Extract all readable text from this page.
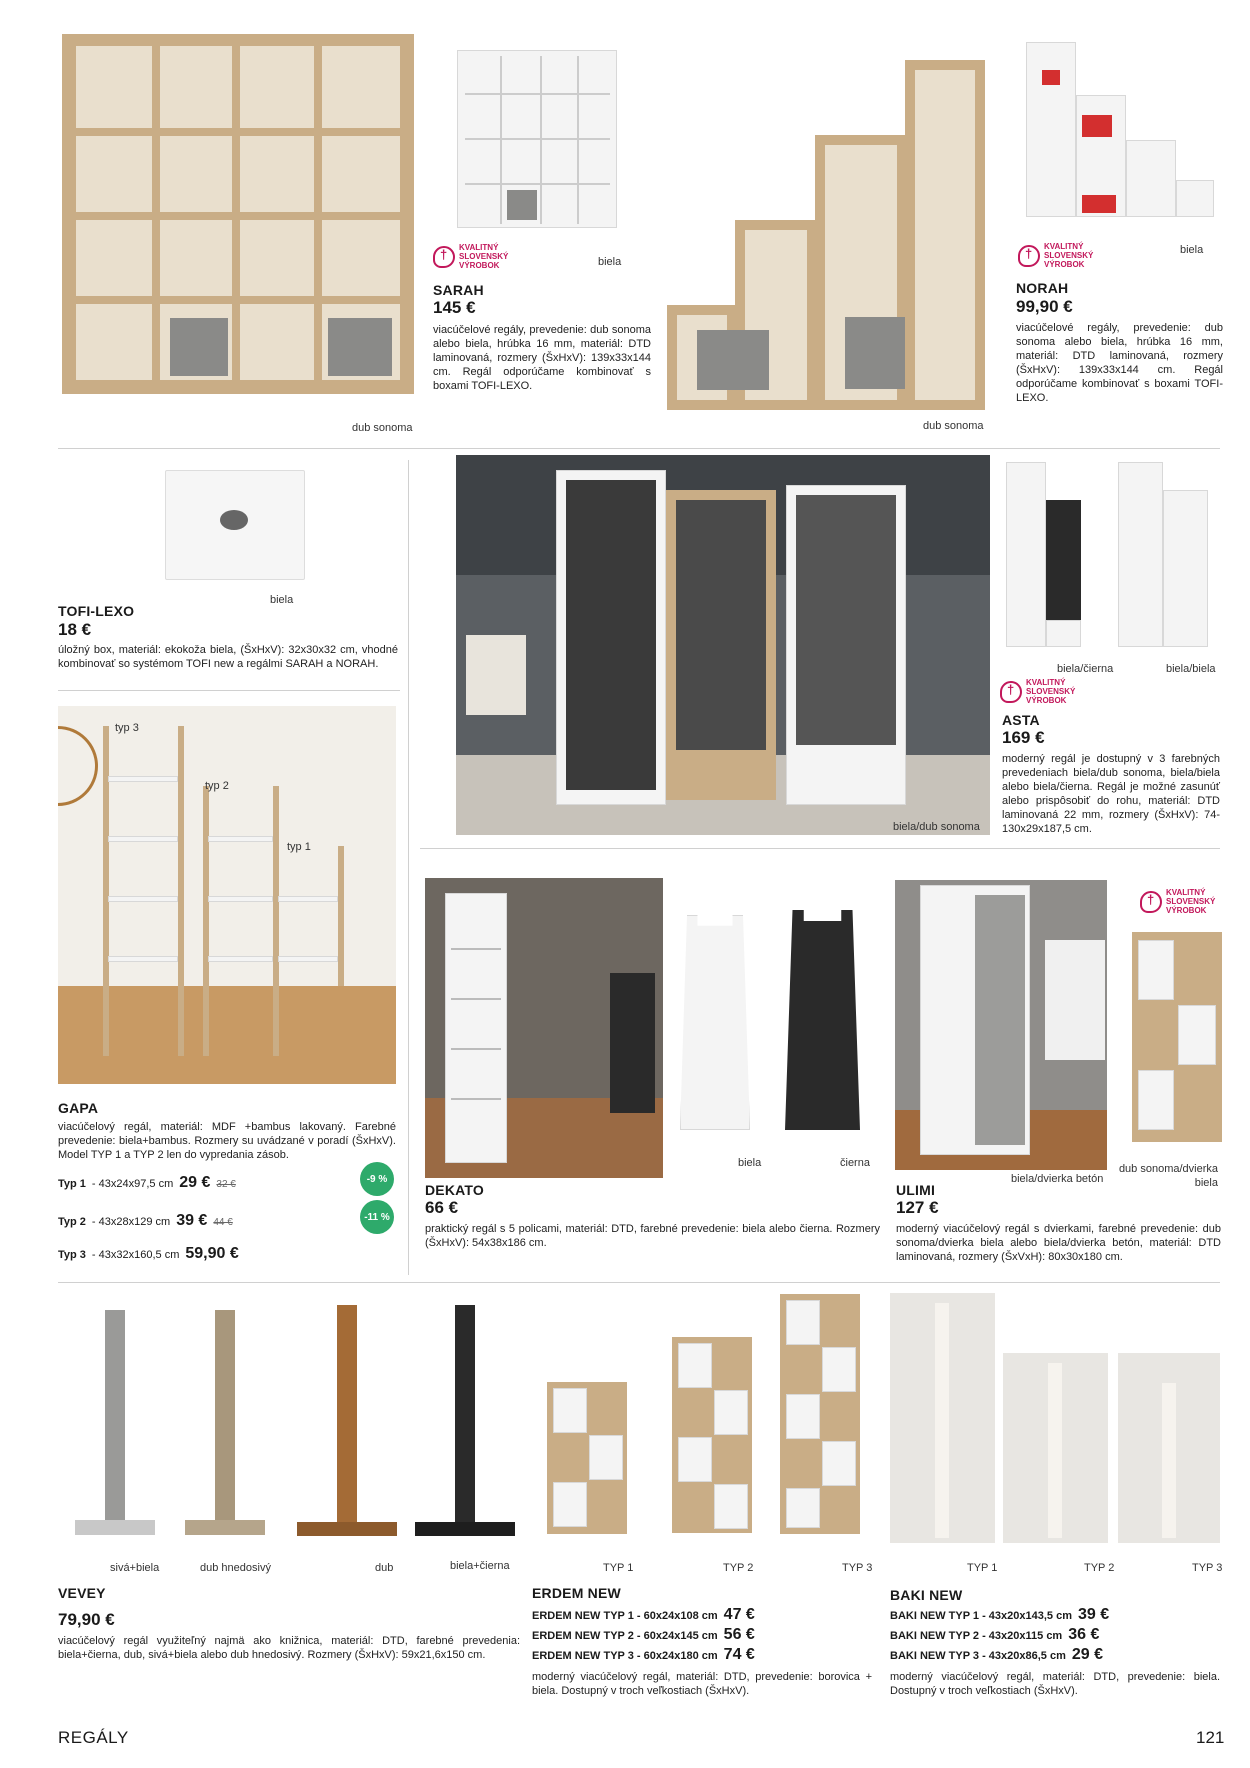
biela
dub sonoma
†
KVALITNÝ
SLOVENSKÝ
VÝROBOK
SARAH
145 €
viacúčelové regály, prevedenie: dub sonoma alebo biela, hrúbka 16 mm, materiál: DTD laminovaná, rozmery (ŠxHxV): 139x33x144 cm. Regál odporúčame kombinovať s boxami TOFI-LEXO.
biela
dub sonoma
†
KVALITNÝ
SLOVENSKÝ
VÝROBOK
NORAH
99,90 €
viacúčelové regály, prevedenie: dub sonoma alebo biela, hrúbka 16 mm, materiál: DTD laminovaná, rozmery (ŠxHxV): 139x33x144 cm. Regál odporúčame kombinovať s boxami TOFI-LEXO.
biela
TOFI-LEXO
18 €
úložný box, materiál: ekokoža biela, (ŠxHxV): 32x30x32 cm, vhodné kombinovať so systémom TOFI new a regálmi SARAH a NORAH.
biela/dub sonoma
biela/čierna	biela/biela
†
KVALITNÝ
SLOVENSKÝ
VÝROBOK
ASTA
169 €
moderný regál je dostupný v 3 farebných prevedeniach biela/dub sonoma, biela/biela alebo biela/čierna. Regál je možné zasunúť alebo prispôsobiť do rohu, materiál: DTD laminovaná 22 mm, rozmery (ŠxHxV): 74-130x29x187,5 cm.
typ 3
typ 2
typ 1
GAPA
viacúčelový regál, materiál: MDF +bambus lakovaný. Farebné prevedenie: biela+bambus. Rozmery su uvádzané v poradí (ŠxHxV). Model TYP 1 a TYP 2 len do vypredania zásob.
Typ 1 - 43x24x97,5 cm 29 € 32 €	-9 %
Typ 2 - 43x28x129 cm 39 € 44 €	-11 %
Typ 3 - 43x32x160,5 cm 59,90 €
biela	čierna
DEKATO
66 €
praktický regál s 5 policami, materiál: DTD, farebné prevedenie: biela alebo čierna. Rozmery (ŠxHxV): 54x38x186 cm.
†
KVALITNÝ
SLOVENSKÝ
VÝROBOK
biela/dvierka betón
dub sonoma/dvierka biela
ULIMI
127 €
moderný viacúčelový regál s dvierkami, farebné prevedenie: dub sonoma/dvierka biela alebo biela/dvierka betón, materiál: DTD laminovaná, rozmery (ŠxVxH): 80x30x180 cm.
sivá+biela	dub hnedosivý	dub	biela+čierna
VEVEY
79,90 €
viacúčelový regál využiteľný najmä ako knižnica, materiál: DTD, farebné prevedenia: biela+čierna, dub, sivá+biela alebo dub hnedosivý. Rozmery (ŠxHxV): 59x21,6x150 cm.
TYP 1	TYP 2	TYP 3
ERDEM NEW
ERDEM NEW TYP 1 - 60x24x108 cm 47 €
ERDEM NEW TYP 2 - 60x24x145 cm 56 €
ERDEM NEW TYP 3 - 60x24x180 cm 74 €
moderný viacúčelový regál, materiál: DTD, prevedenie: borovica + biela. Dostupný v troch veľkostiach (ŠxHxV).
TYP 1	TYP 2	TYP 3
BAKI NEW
BAKI NEW TYP 1 - 43x20x143,5 cm 39 €
BAKI NEW TYP 2 - 43x20x115 cm 36 €
BAKI NEW TYP 3 - 43x20x86,5 cm 29 €
moderný viacúčelový regál, materiál: DTD, prevedenie: biela. Dostupný v troch veľkostiach (ŠxHxV).
REGÁLY	121
